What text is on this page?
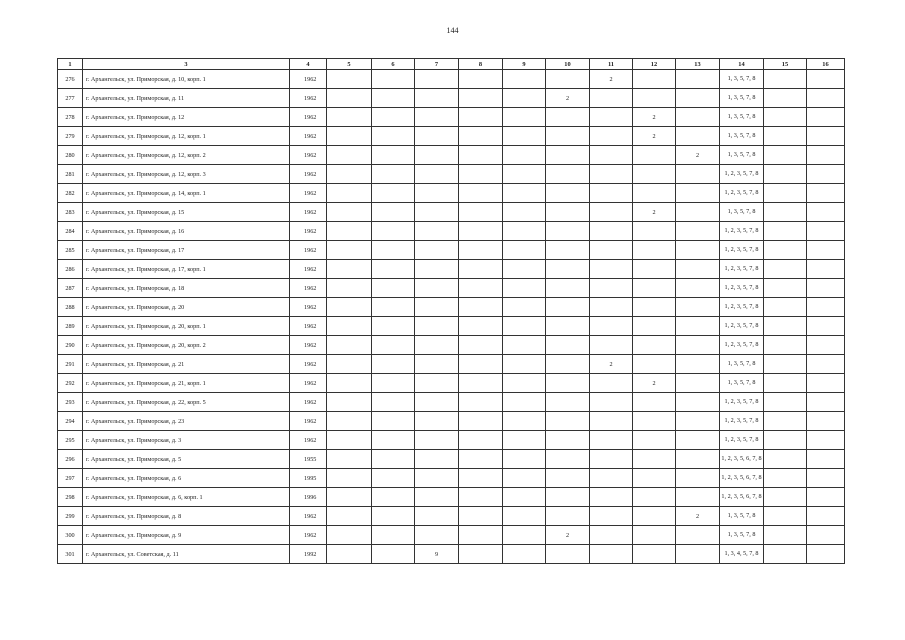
144
1	3	4	5	6	7	8	9	10	11	12	13	14	15	16
276	г. Архангельск, ул. Приморская, д. 10, корп. 1	1962							2			1, 3, 5, 7, 8		
277	г. Архангельск, ул. Приморская, д. 11	1962						2				1, 3, 5, 7, 8		
278	г. Архангельск, ул. Приморская, д. 12	1962								2		1, 3, 5, 7, 8		
279	г. Архангельск, ул. Приморская, д. 12, корп. 1	1962								2		1, 3, 5, 7, 8		
280	г. Архангельск, ул. Приморская, д. 12, корп. 2	1962									2	1, 3, 5, 7, 8		
281	г. Архангельск, ул. Приморская, д. 12, корп. 3	1962										1, 2, 3, 5, 7, 8		
282	г. Архангельск, ул. Приморская, д. 14, корп. 1	1962										1, 2, 3, 5, 7, 8		
283	г. Архангельск, ул. Приморская, д. 15	1962								2		1, 3, 5, 7, 8		
284	г. Архангельск, ул. Приморская, д. 16	1962										1, 2, 3, 5, 7, 8		
285	г. Архангельск, ул. Приморская, д. 17	1962										1, 2, 3, 5, 7, 8		
286	г. Архангельск, ул. Приморская, д. 17, корп. 1	1962										1, 2, 3, 5, 7, 8		
287	г. Архангельск, ул. Приморская, д. 18	1962										1, 2, 3, 5, 7, 8		
288	г. Архангельск, ул. Приморская, д. 20	1962										1, 2, 3, 5, 7, 8		
289	г. Архангельск, ул. Приморская, д. 20, корп. 1	1962										1, 2, 3, 5, 7, 8		
290	г. Архангельск, ул. Приморская, д. 20, корп. 2	1962										1, 2, 3, 5, 7, 8		
291	г. Архангельск, ул. Приморская, д. 21	1962							2			1, 3, 5, 7, 8		
292	г. Архангельск, ул. Приморская, д. 21, корп. 1	1962								2		1, 3, 5, 7, 8		
293	г. Архангельск, ул. Приморская, д. 22, корп. 5	1962										1, 2, 3, 5, 7, 8		
294	г. Архангельск, ул. Приморская, д. 23	1962										1, 2, 3, 5, 7, 8		
295	г. Архангельск, ул. Приморская, д. 3	1962										1, 2, 3, 5, 7, 8		
296	г. Архангельск, ул. Приморская, д. 5	1955										1, 2, 3, 5, 6, 7, 8		
297	г. Архангельск, ул. Приморская, д. 6	1995										1, 2, 3, 5, 6, 7, 8		
298	г. Архангельск, ул. Приморская, д. 6, корп. 1	1996										1, 2, 3, 5, 6, 7, 8		
299	г. Архангельск, ул. Приморская, д. 8	1962									2	1, 3, 5, 7, 8		
300	г. Архангельск, ул. Приморская, д. 9	1962						2				1, 3, 5, 7, 8		
301	г. Архангельск, ул. Советская, д. 11	1992			9							1, 3, 4, 5, 7, 8		
